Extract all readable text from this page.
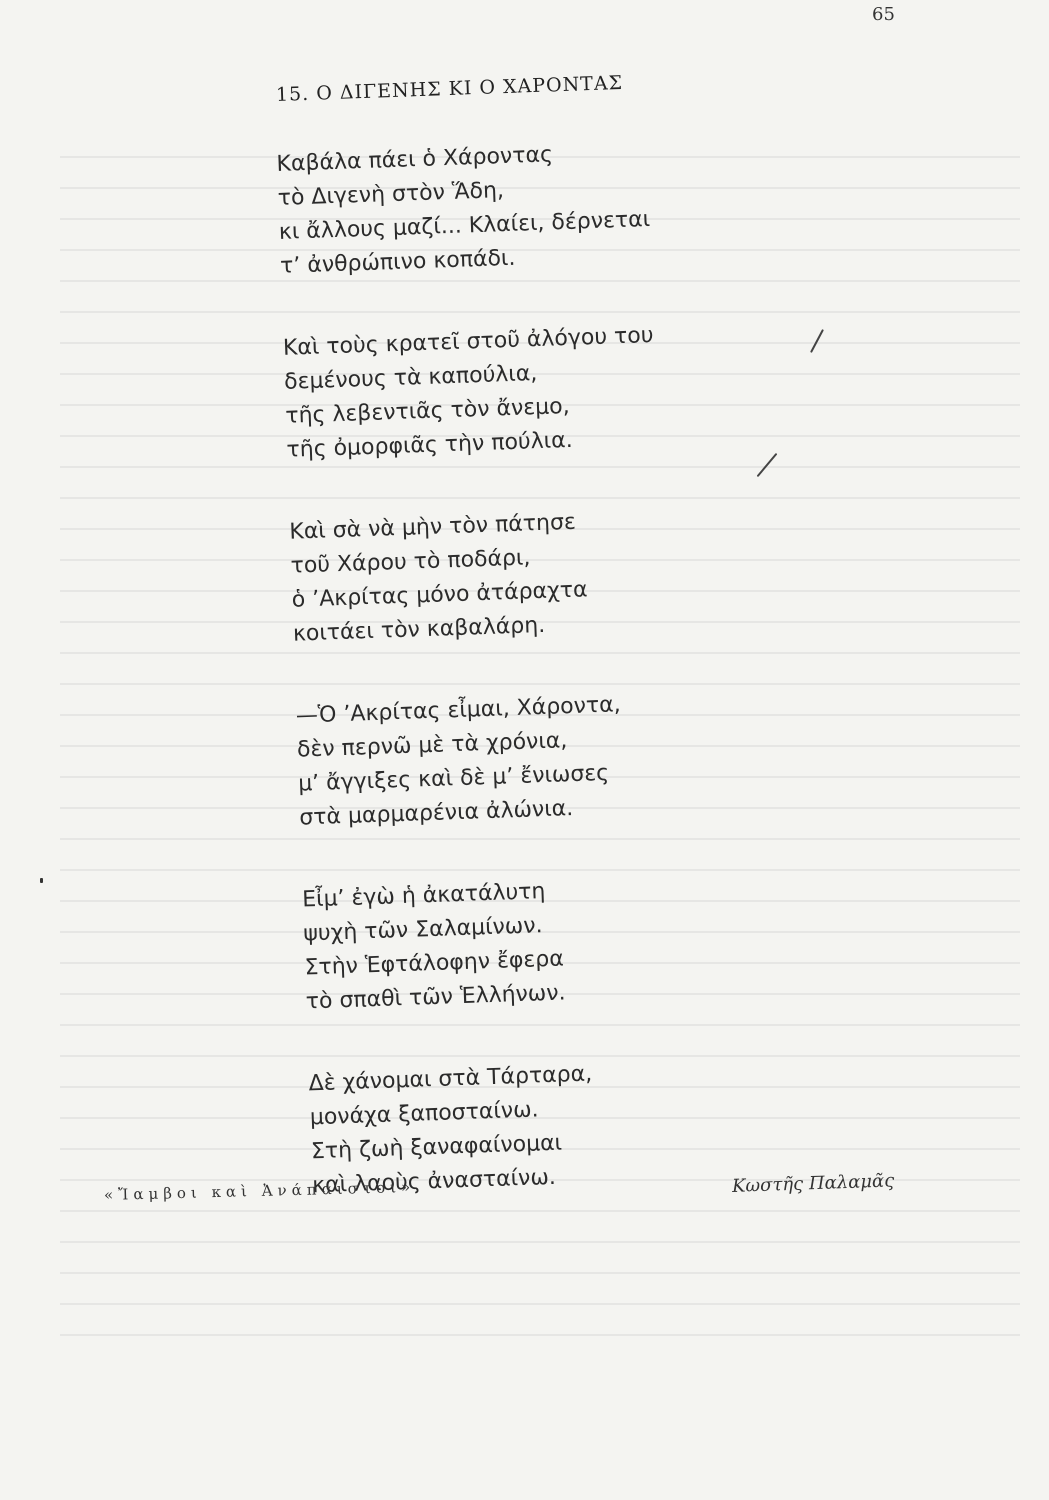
65
15. Ο ΔΙΓΕΝΗΣ ΚΙ Ο ΧΑΡΟΝΤΑΣ
Καβάλα πάει ὁ Χάροντας
τὸ Διγενὴ στὸν Ἅδη,
κι ἄλλους μαζί... Κλαίει, δέρνεται
τ’ ἀνθρώπινο κοπάδι.
Καὶ τοὺς κρατεῖ στοῦ ἀλόγου του
δεμένους τὰ καπούλια,
τῆς λεβεντιᾶς τὸν ἄνεμο,
τῆς ὀμορφιᾶς τὴν πούλια.
Καὶ σὰ νὰ μὴν τὸν πάτησε
τοῦ Χάρου τὸ ποδάρι,
ὁ ’Ακρίτας μόνο ἀτάραχτα
κοιτάει τὸν καβαλάρη.
—Ὁ ’Ακρίτας εἶμαι, Χάροντα,
δὲν περνῶ μὲ τὰ χρόνια,
μ’ ἄγγιξες καὶ δὲ μ’ ἔνιωσες
στὰ μαρμαρένια ἀλώνια.
Εἶμ’ ἐγὼ ἡ ἀκατάλυτη
ψυχὴ τῶν Σαλαμίνων.
Στὴν Ἑφτάλοφην ἔφερα
τὸ σπαθὶ τῶν Ἑλλήνων.
Δὲ χάνομαι στὰ Τάρταρα,
μονάχα ξαποσταίνω.
Στὴ ζωὴ ξαναφαίνομαι
καὶ λαοὺς ἀνασταίνω.
«Ἴαμβοι καὶ Ἀνάπαιστοι»	Κωστῆς Παλαμᾶς
